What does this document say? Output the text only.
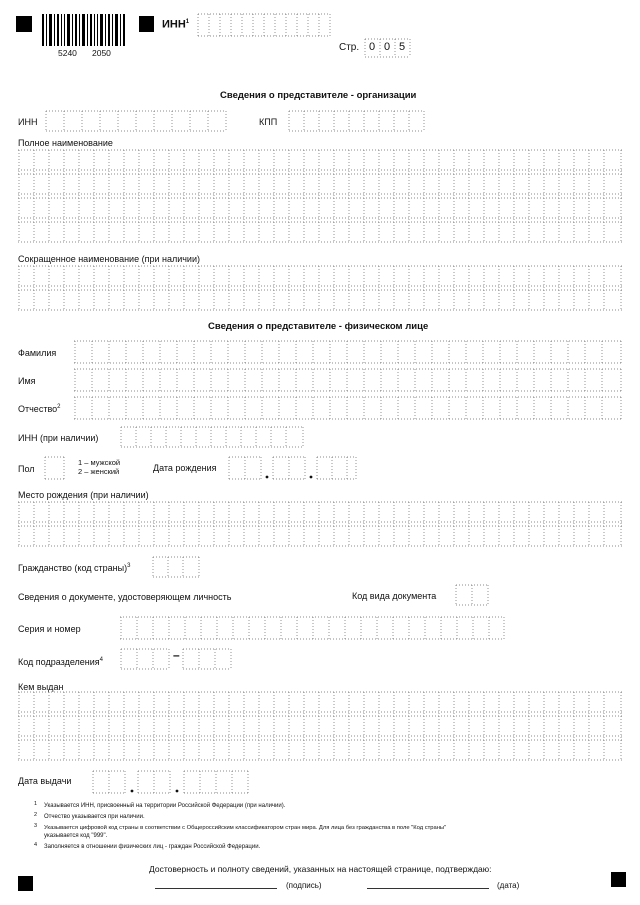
5240 2050
ИНН$^1$
Стр. 0 0 5
Сведения о представителе - организации
ИНН	КПП
Полное наименование
Сокращенное наименование (при наличии)
Сведения о представителе - физическом лице
Фамилия
Имя
Отчество$^2$
ИНН (при наличии)
Пол
1 – мужской
2 – женский	Дата рождения
Место рождения (при наличии)
Гражданство (код страны)$^3$
Сведения о документе, удостоверяющем личность	Код вида документа
Серия и номер
Код подразделения$^4$	–
Кем выдан
Дата выдачи
1 Указывается ИНН, присвоенный на территории Российской Федерации (при наличии).
2 Отчество указывается при наличии.
3 Указывается цифровой код страны в соответствии с Общероссийским классификатором стран мира. Для лица без гражданства в поле "Код страны"
указывается код "999".
4 Заполняется в отношении физических лиц - граждан Российской Федерации.
Достоверность и полноту сведений, указанных на настоящей странице, подтверждаю:
(подпись)	(дата)
